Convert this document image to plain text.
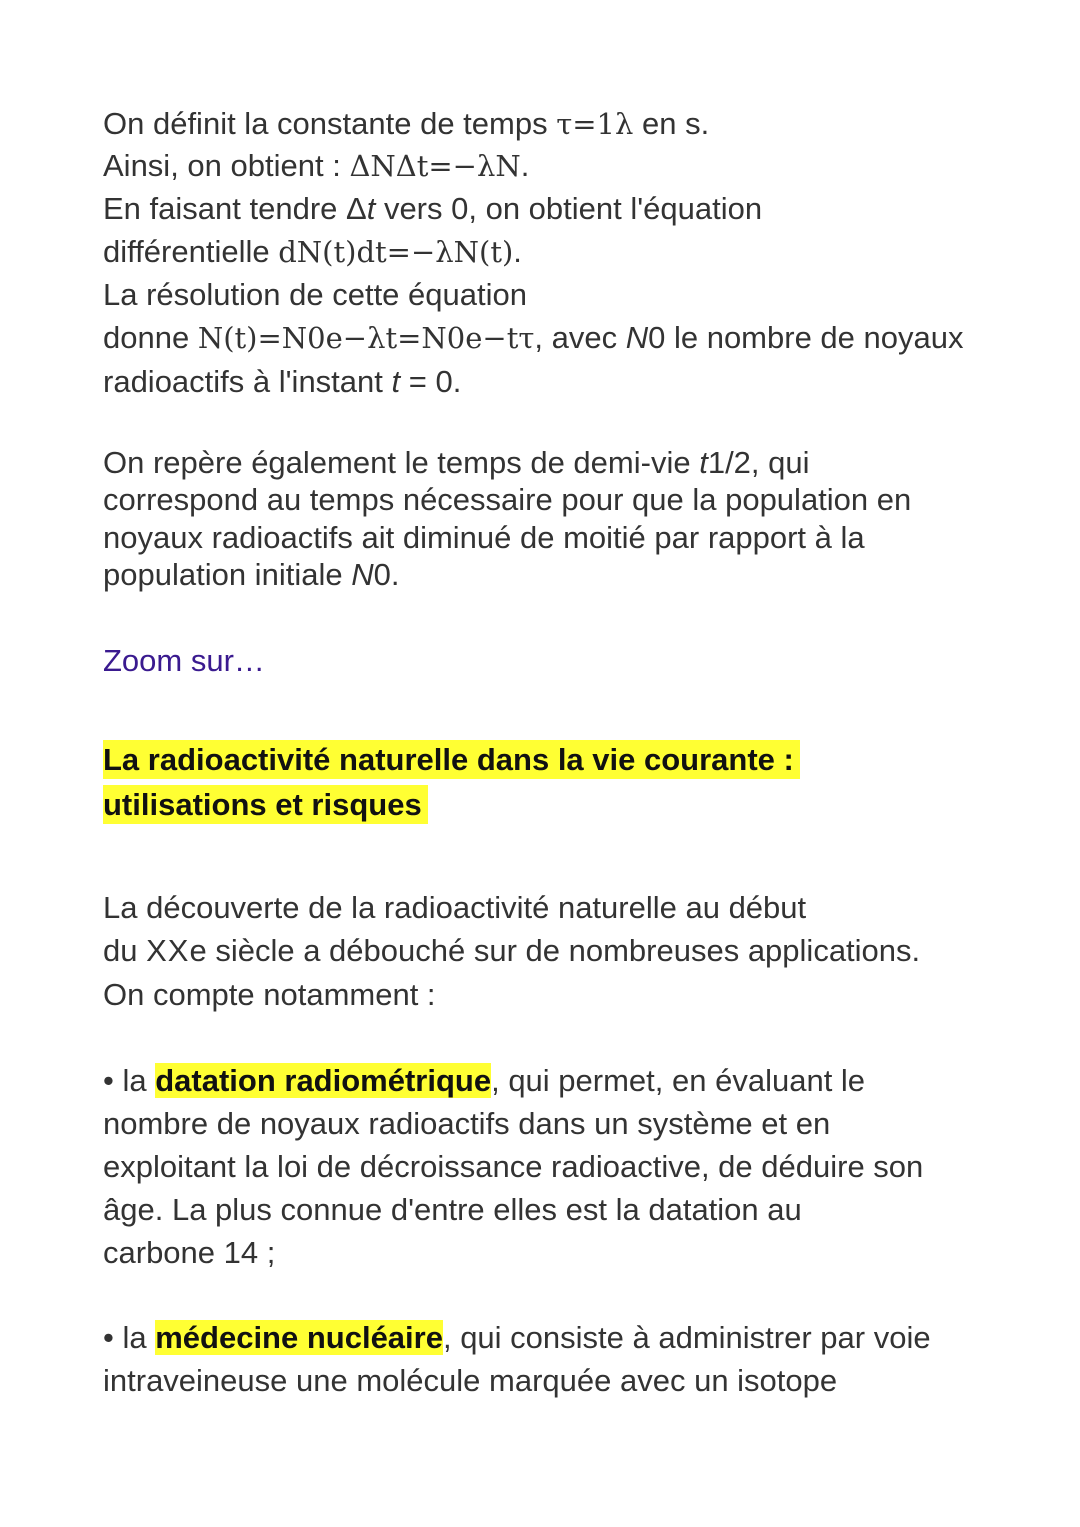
On définit la constante de temps τ=1λ en s.
Ainsi, on obtient : ΔNΔt=−λN.
En faisant tendre Δt vers 0, on obtient l'équation
différentielle dN(t)dt=−λN(t).
La résolution de cette équation
donne N(t)=N0e−λt=N0e−tτ, avec N0 le nombre de noyaux
radioactifs à l'instant t = 0.
On repère également le temps de demi-vie t1/2, qui
correspond au temps nécessaire pour que la population en
noyaux radioactifs ait diminué de moitié par rapport à la
population initiale N0.
Zoom sur…
La radioactivité naturelle dans la vie courante :
utilisations et risques
La découverte de la radioactivité naturelle au début
du XXe siècle a débouché sur de nombreuses applications.
On compte notamment :
• la datation radiométrique, qui permet, en évaluant le
nombre de noyaux radioactifs dans un système et en
exploitant la loi de décroissance radioactive, de déduire son
âge. La plus connue d'entre elles est la datation au
carbone 14 ;
• la médecine nucléaire, qui consiste à administrer par voie
intraveineuse une molécule marquée avec un isotope
